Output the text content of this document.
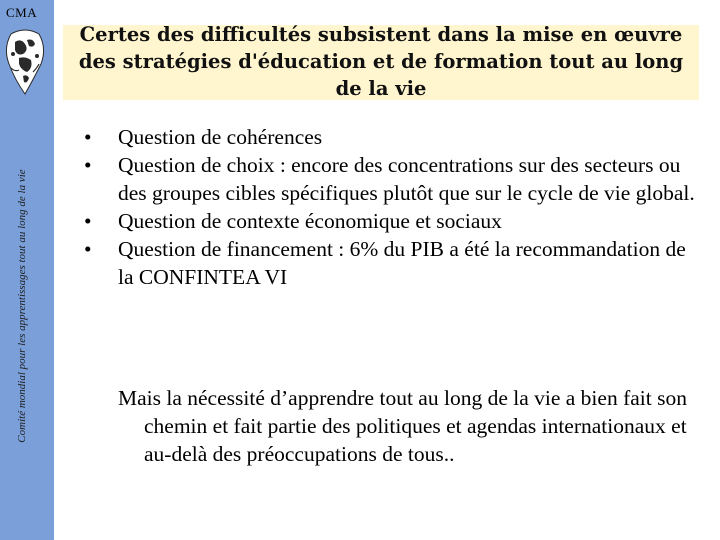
CMA
Comité mondial pour les apprentissages tout au long de la vie
Certes des difficultés subsistent dans la mise en œuvre des stratégies d'éducation et de formation tout au long de la vie
• Question de cohérences
• Question de choix : encore des concentrations sur des secteurs ou des groupes cibles spécifiques plutôt que sur le cycle de vie global.
• Question de contexte économique et sociaux
• Question de financement : 6% du PIB a été la recommandation de la CONFINTEA VI

Mais la nécessité d’apprendre tout au long de la vie a bien fait son chemin et fait partie des politiques et agendas internationaux et au-delà des préoccupations de tous..
